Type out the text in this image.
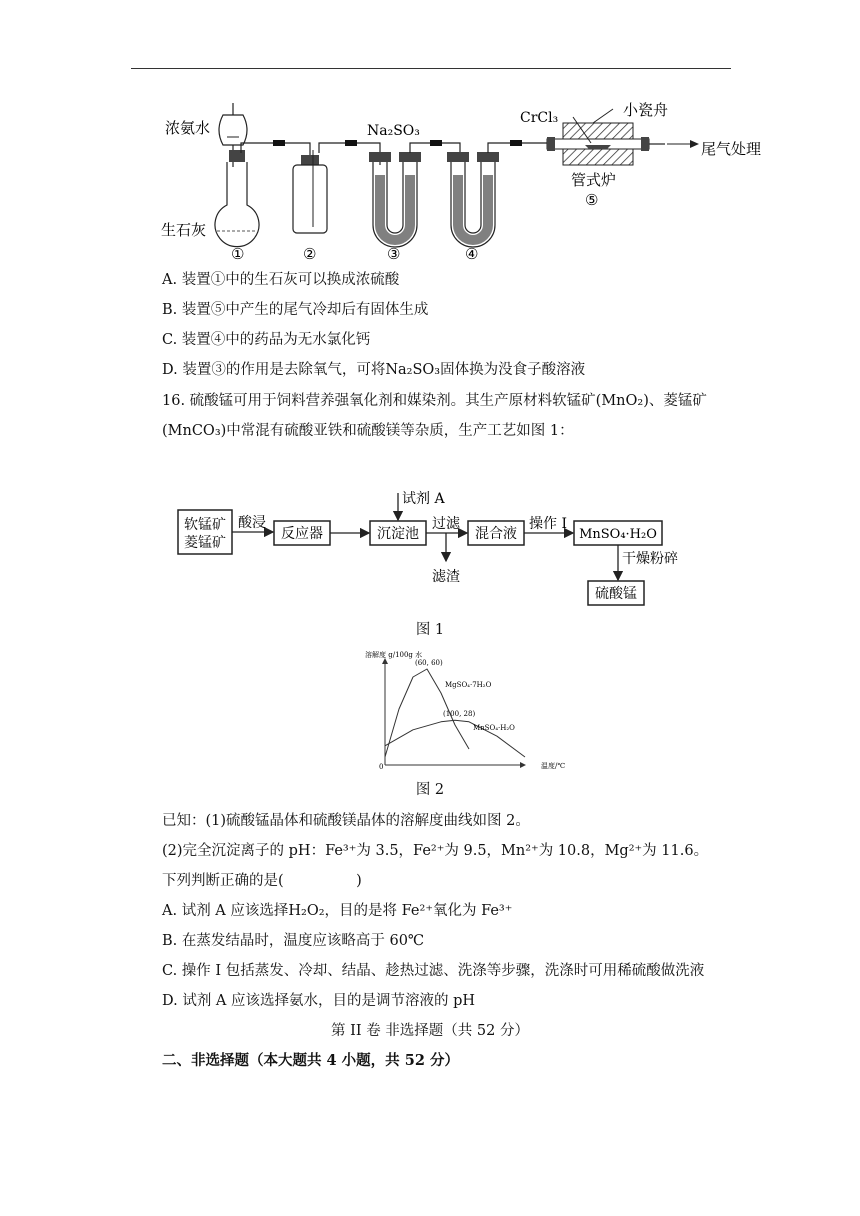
浓氨水
生石灰
Na₂SO₃
CrCl₃	小瓷舟
管式炉
尾气处理
⑤
①	②	③	④
A. 装置①中的生石灰可以换成浓硫酸
B. 装置⑤中产生的尾气冷却后有固体生成
C. 装置④中的药品为无水氯化钙
D. 装置③的作用是去除氧气，可将Na₂SO₃固体换为没食子酸溶液
16. 硫酸锰可用于饲料营养强氧化剂和媒染剂。其生产原材料软锰矿(MnO₂)、菱锰矿
(MnCO₃)中常混有硫酸亚铁和硫酸镁等杂质，生产工艺如图 1：
软锰矿
菱锰矿
酸浸
反应器	沉淀池
试剂 A
过滤
滤渣
混合液
操作 I
MnSO₄·H₂O
干燥粉碎
硫酸锰
图 1
溶解度 g/100g 水
温度/℃
0
(60, 60)
MgSO₄·7H₂O
(100, 28)
MnSO₄·H₂O
图 2
已知：(1)硫酸锰晶体和硫酸镁晶体的溶解度曲线如图 2。
(2)完全沉淀离子的 pH：Fe³⁺为 3.5，Fe²⁺为 9.5，Mn²⁺为 10.8，Mg²⁺为 11.6。
下列判断正确的是(　　　　　)
A. 试剂 A 应该选择H₂O₂，目的是将 Fe²⁺氧化为 Fe³⁺
B. 在蒸发结晶时，温度应该略高于 60℃
C. 操作 I 包括蒸发、冷却、结晶、趁热过滤、洗涤等步骤，洗涤时可用稀硫酸做洗液
D. 试剂 A 应该选择氨水，目的是调节溶液的 pH
第 II 卷 非选择题（共 52 分）
二、非选择题（本大题共 4 小题，共 52 分）
